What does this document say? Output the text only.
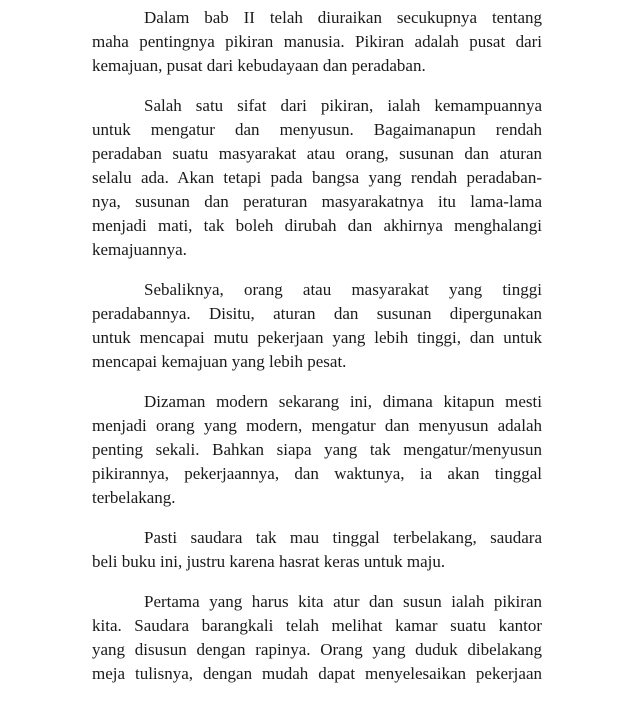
Dalam bab II telah diuraikan secukupnya tentang
maha pentingnya pikiran manusia. Pikiran adalah pusat dari
kemajuan, pusat dari kebudayaan dan peradaban.
Salah satu sifat dari pikiran, ialah kemampuannya
untuk mengatur dan menyusun. Bagaimanapun rendah
peradaban suatu masyarakat atau orang, susunan dan aturan
selalu ada. Akan tetapi pada bangsa yang rendah peradaban-
nya, susunan dan peraturan masyarakatnya itu lama-lama
menjadi mati, tak boleh dirubah dan akhirnya menghalangi
kemajuannya.
Sebaliknya, orang atau masyarakat yang tinggi
peradabannya. Disitu, aturan dan susunan dipergunakan
untuk mencapai mutu pekerjaan yang lebih tinggi, dan untuk
mencapai kemajuan yang lebih pesat.
Dizaman modern sekarang ini, dimana kitapun mesti
menjadi orang yang modern, mengatur dan menyusun adalah
penting sekali. Bahkan siapa yang tak mengatur/menyusun
pikirannya, pekerjaannya, dan waktunya, ia akan tinggal
terbelakang.
Pasti saudara tak mau tinggal terbelakang, saudara
beli buku ini, justru karena hasrat keras untuk maju.
Pertama yang harus kita atur dan susun ialah pikiran
kita. Saudara barangkali telah melihat kamar suatu kantor
yang disusun dengan rapinya. Orang yang duduk dibelakang
meja tulisnya, dengan mudah dapat menyelesaikan pekerjaan
